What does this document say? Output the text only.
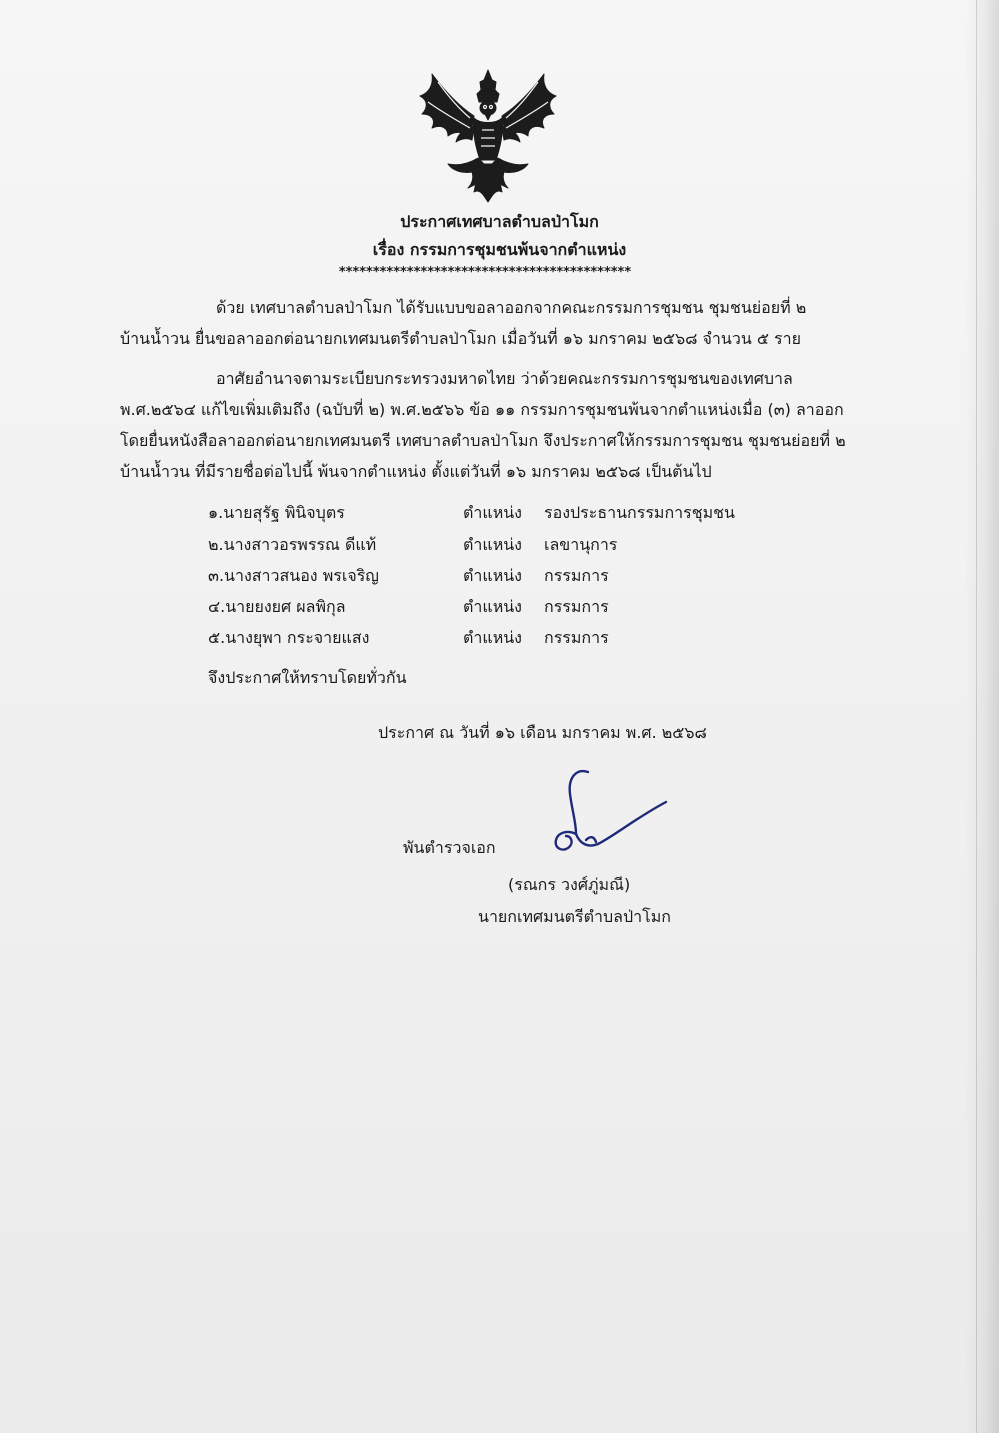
ประกาศเทศบาลตำบลป่าโมก
เรื่อง กรรมการชุมชนพ้นจากตำแหน่ง
*******************************************
ด้วย เทศบาลตำบลป่าโมก ได้รับแบบขอลาออกจากคณะกรรมการชุมชน ชุมชนย่อยที่ ๒
บ้านน้ำวน ยื่นขอลาออกต่อนายกเทศมนตรีตำบลป่าโมก เมื่อวันที่ ๑๖ มกราคม ๒๕๖๘ จำนวน ๕ ราย
อาศัยอำนาจตามระเบียบกระทรวงมหาดไทย ว่าด้วยคณะกรรมการชุมชนของเทศบาล
พ.ศ.๒๕๖๔ แก้ไขเพิ่มเติมถึง (ฉบับที่ ๒) พ.ศ.๒๕๖๖ ข้อ ๑๑ กรรมการชุมชนพ้นจากตำแหน่งเมื่อ (๓) ลาออก
โดยยื่นหนังสือลาออกต่อนายกเทศมนตรี เทศบาลตำบลป่าโมก จึงประกาศให้กรรมการชุมชน ชุมชนย่อยที่ ๒
บ้านน้ำวน ที่มีรายชื่อต่อไปนี้ พ้นจากตำแหน่ง ตั้งแต่วันที่ ๑๖ มกราคม ๒๕๖๘ เป็นต้นไป
๑.นายสุรัฐ พินิจบุตร	ตำแหน่ง รองประธานกรรมการชุมชน
๒.นางสาวอรพรรณ ดีแท้	ตำแหน่ง เลขานุการ
๓.นางสาวสนอง พรเจริญ	ตำแหน่ง กรรมการ
๔.นายยงยศ ผลพิกุล	ตำแหน่ง กรรมการ
๕.นางยุพา กระจายแสง	ตำแหน่ง กรรมการ
จึงประกาศให้ทราบโดยทั่วกัน
ประกาศ ณ วันที่ ๑๖ เดือน มกราคม พ.ศ. ๒๕๖๘
พันตำรวจเอก
(รณกร วงศ์ภู่มณี)
นายกเทศมนตรีตำบลป่าโมก
